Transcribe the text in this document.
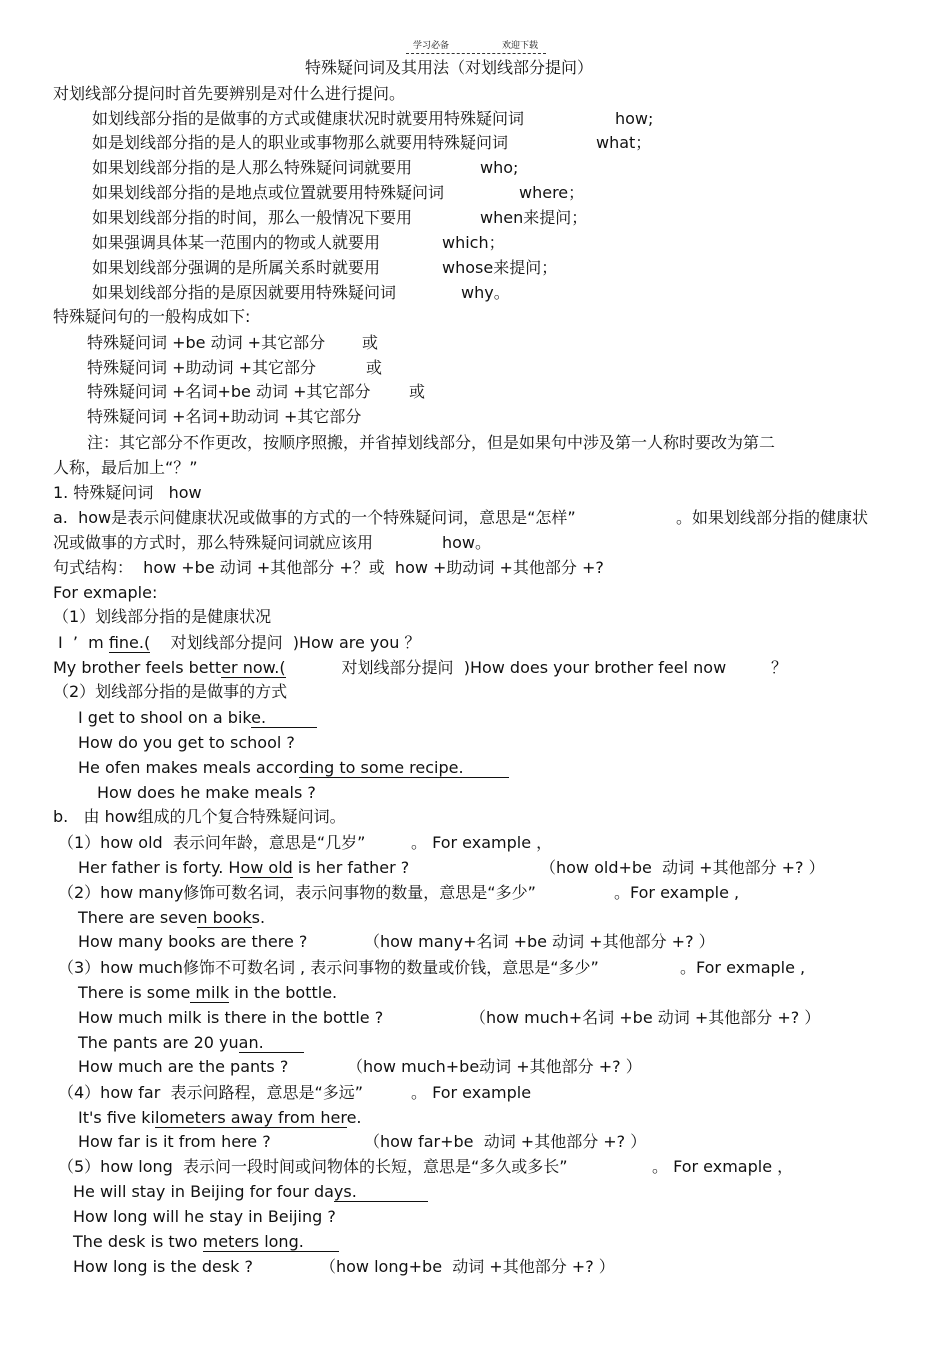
学习必备	欢迎下载
特殊疑问词及其用法（对划线部分提问）
对划线部分提问时首先要辨别是对什么进行提问。
如划线部分指的是做事的方式或健康状况时就要用特殊疑问词	how;
如是划线部分指的是人的职业或事物那么就要用特殊疑问词	what；
如果划线部分指的是人那么特殊疑问词就要用	who;
如果划线部分指的是地点或位置就要用特殊疑问词	where；
如果划线部分指的时间，那么一般情况下要用	when来提问；
如果强调具体某一范围内的物或人就要用	which；
如果划线部分强调的是所属关系时就要用	whose来提问；
如果划线部分指的是原因就要用特殊疑问词	why。
特殊疑问句的一般构成如下:
特殊疑问词 +be 动词 +其它部分 或
特殊疑问词 +助动词 +其它部分	或
特殊疑问词 +名词+be 动词 +其它部分 或
特殊疑问词 +名词+助动词 +其它部分
注：其它部分不作更改，按顺序照搬，并省掉划线部分，但是如果句中涉及第一人称时要改为第二
人称，最后加上“？”
1. 特殊疑问词   how
a.  how是表示问健康状况或做事的方式的一个特殊疑问词，意思是“怎样”	。如果划线部分指的健康状
况或做事的方式时，那么特殊疑问词就应该用	how。
句式结构：  how +be 动词 +其他部分 +？或  how +助动词 +其他部分 +?
For exmaple:
（1）划线部分指的是健康状况
I  ’  m fine.(    对划线部分提问  )How are you ？
My brother feels better now.(           对划线部分提问  )How does your brother feel now	？
（2）划线部分指的是做事的方式
I get to shool on a bike.
How do you get to school ?
He ofen makes meals according to some recipe.
How does he make meals ?
b.   由 how组成的几个复合特殊疑问词。
（1）how old  表示问年龄，意思是“几岁”	。 For example ，
Her father is forty. How old is her father ?	（how old+be  动词 +其他部分 +? ）
（2）how many修饰可数名词，表示问事物的数量，意思是“多少”	。For example ,
There are seven books.
How many books are there ?	（how many+名词 +be 动词 +其他部分 +? ）
（3）how much修饰不可数名词 , 表示问事物的数量或价钱，意思是“多少”	。For exmaple ,
There is some milk in the bottle.
How much milk is there in the bottle ?	（how much+名词 +be 动词 +其他部分 +? ）
The pants are 20 yuan.
How much are the pants ?	（how much+be动词 +其他部分 +? ）
（4）how far  表示问路程，意思是“多远”	。 For example
It's five kilometers away from here.
How far is it from here ?	（how far+be  动词 +其他部分 +? ）
（5）how long  表示问一段时间或问物体的长短，意思是“多久或多长”	。 For exmaple ，
He will stay in Beijing for four days.
How long will he stay in Beijing ?
The desk is two meters long.
How long is the desk ?	（how long+be  动词 +其他部分 +? ）
